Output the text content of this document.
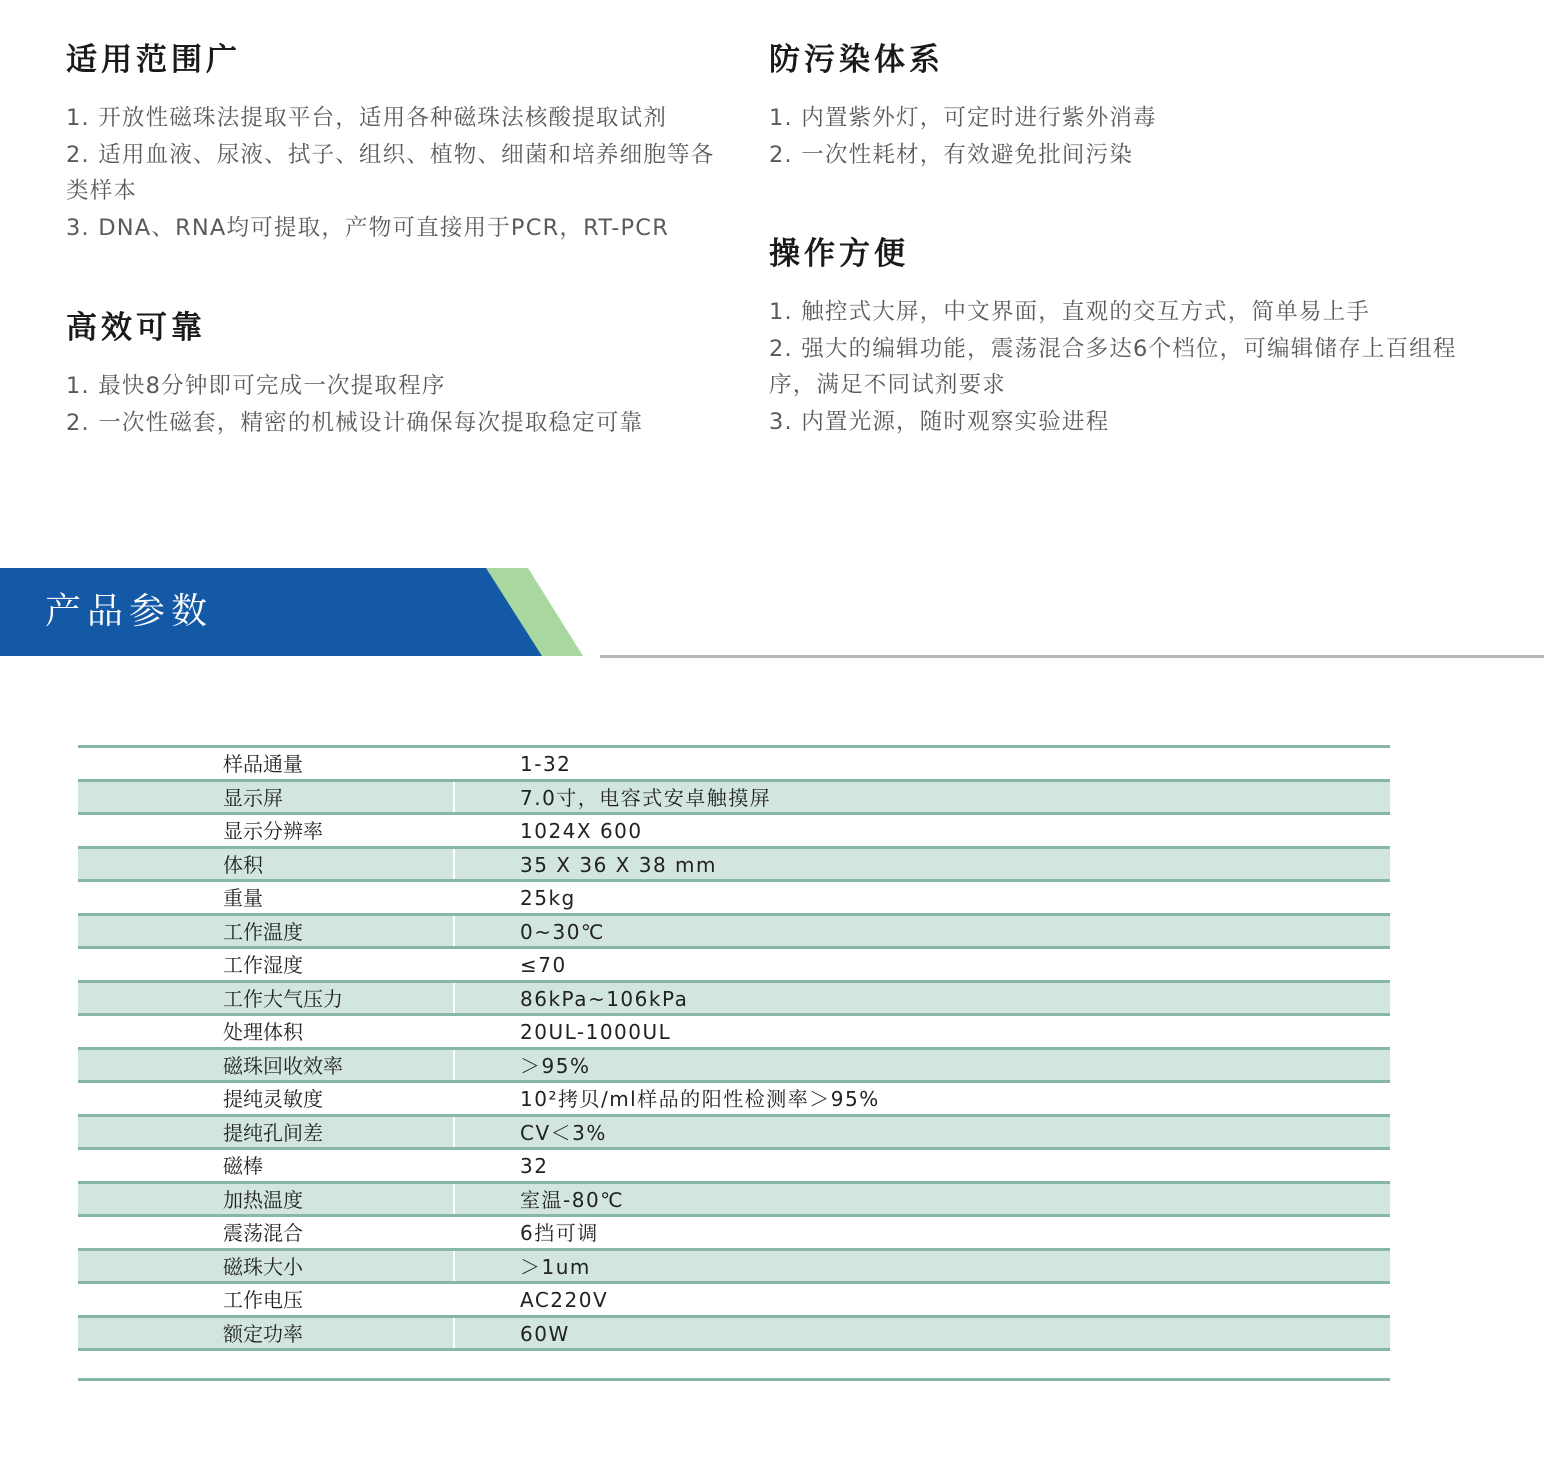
适用范围广

1. 开放性磁珠法提取平台，适用各种磁珠法核酸提取试剂

2. 适用血液、尿液、拭子、组织、植物、细菌和培养细胞等各类样本

3. DNA、RNA均可提取，产物可直接用于PCR，RT-PCR

高效可靠

1. 最快8分钟即可完成一次提取程序

2. 一次性磁套，精密的机械设计确保每次提取稳定可靠

防污染体系

1. 内置紫外灯，可定时进行紫外消毒

2. 一次性耗材，有效避免批间污染

操作方便

1. 触控式大屏，中文界面，直观的交互方式，简单易上手

2. 强大的编辑功能，震荡混合多达6个档位，可编辑储存上百组程序，满足不同试剂要求

3. 内置光源，随时观察实验进程

产品参数
样品通量	1-32
显示屏	7.0寸，电容式安卓触摸屏
显示分辨率	1024X 600
体积	35 X 36 X 38 mm
重量	25kg
工作温度	0~30℃
工作湿度	≤70
工作大气压力	86kPa~106kPa
处理体积	20UL-1000UL
磁珠回收效率	＞95%
提纯灵敏度	10²拷贝/ml样品的阳性检测率＞95%
提纯孔间差	CV＜3%
磁棒	32
加热温度	室温-80℃
震荡混合	6挡可调
磁珠大小	＞1um
工作电压	AC220V
额定功率	60W
